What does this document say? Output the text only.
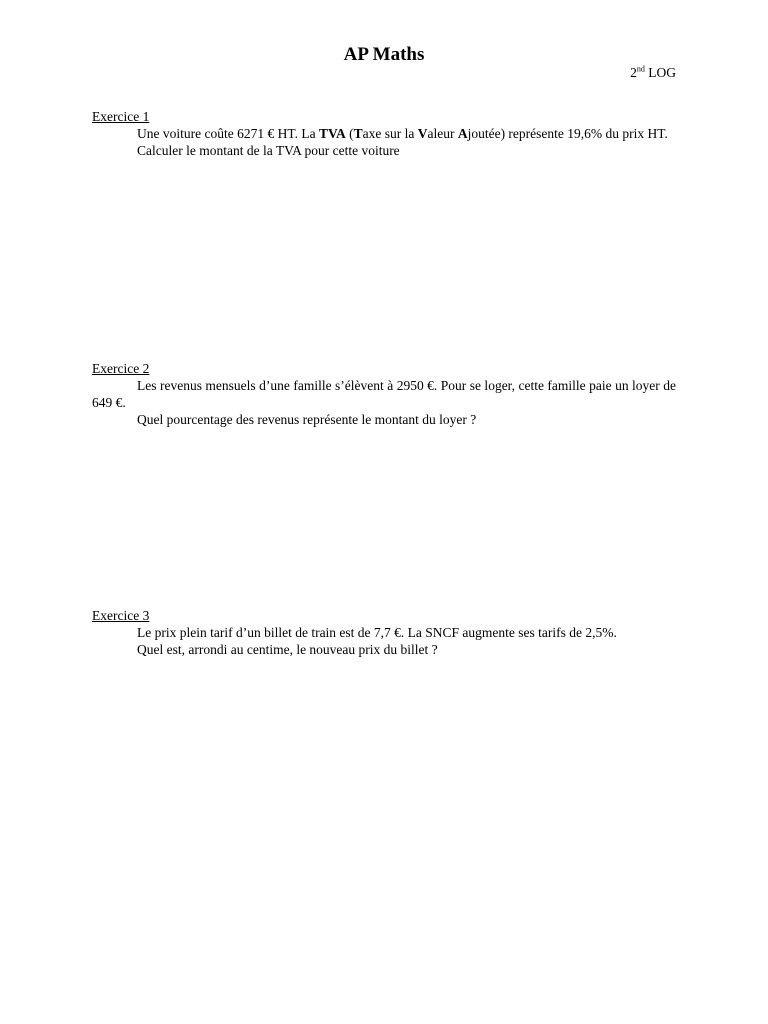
AP Maths
2nd LOG
Exercice 1
Une voiture coûte 6271 € HT. La TVA (Taxe sur la Valeur Ajoutée) représente 19,6% du prix HT.
Calculer le montant de la TVA pour cette voiture
Exercice 2
Les revenus mensuels d’une famille s’élèvent à 2950 €. Pour se loger, cette famille paie un loyer de 649 €.
Quel pourcentage des revenus représente le montant du loyer ?
Exercice 3
Le prix plein tarif d’un billet de train est de 7,7 €. La SNCF augmente ses tarifs de 2,5%.
Quel est, arrondi au centime, le nouveau prix du billet ?
